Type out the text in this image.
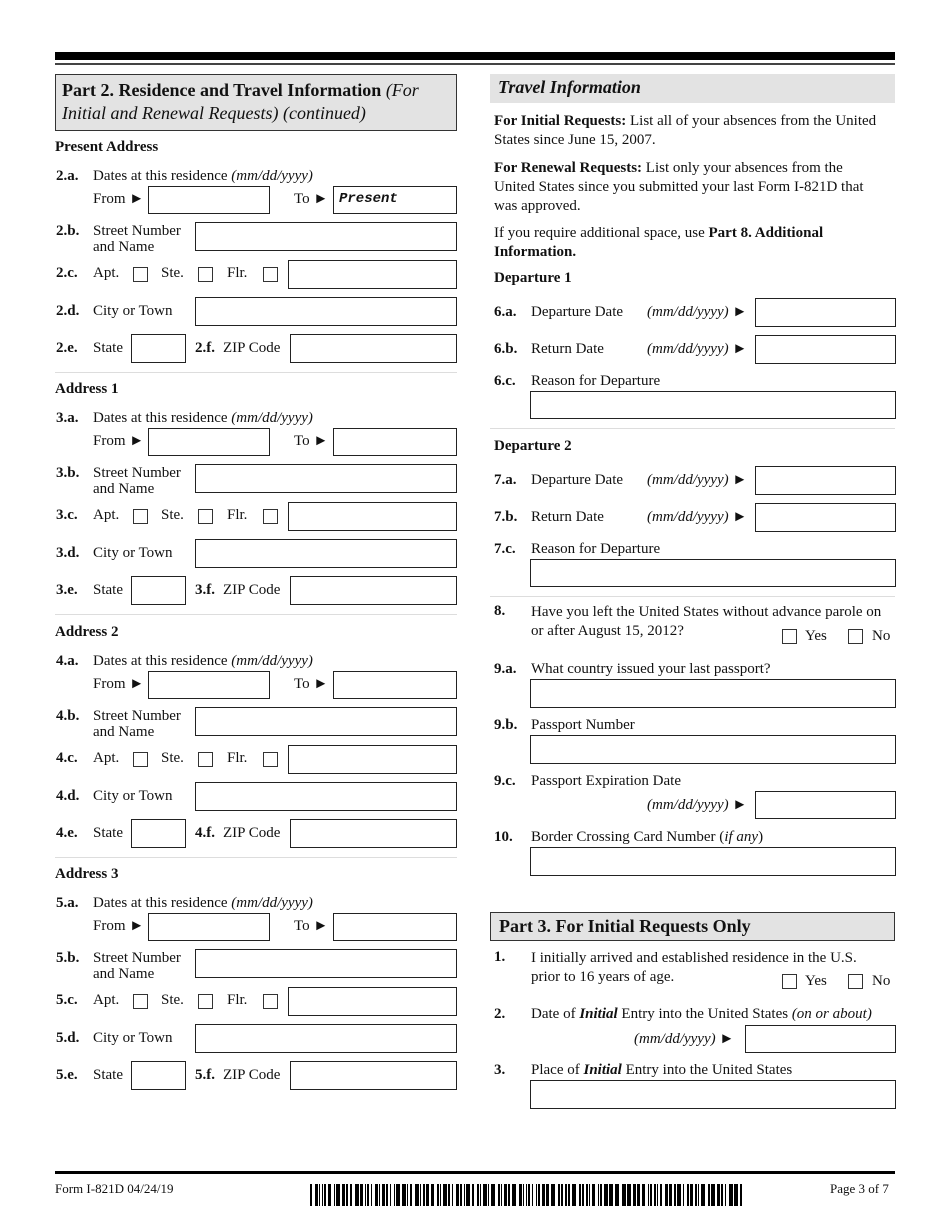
Part 2. Residence and Travel Information (For
Initial and Renewal Requests) (continued)
Present Address
2.a. Dates at this residence (mm/dd/yyyy)
From ►	To ► Present
2.b. Street Number
and Name
2.c. Apt.	Ste.	Flr.
2.d. City or Town
2.e. State	2.f. ZIP Code
Address 1
3.a. Dates at this residence (mm/dd/yyyy)
From ►	To ►
3.b. Street Number
and Name
3.c. Apt.	Ste.	Flr.
3.d. City or Town
3.e. State	3.f. ZIP Code
Address 2
4.a. Dates at this residence (mm/dd/yyyy)
From ►	To ►
4.b. Street Number
and Name
4.c. Apt.	Ste.	Flr.
4.d. City or Town
4.e. State	4.f. ZIP Code
Address 3
5.a. Dates at this residence (mm/dd/yyyy)
From ►	To ►
5.b. Street Number
and Name
5.c. Apt.	Ste.	Flr.
5.d. City or Town
5.e. State	5.f. ZIP Code
Travel Information
For Initial Requests: List all of your absences from the United
States since June 15, 2007.
For Renewal Requests: List only your absences from the
United States since you submitted your last Form I-821D that
was approved.
If you require additional space, use Part 8. Additional
Information.
Departure 1
6.a. Departure Date (mm/dd/yyyy) ►
6.b. Return Date	(mm/dd/yyyy) ►
6.c. Reason for Departure
Departure 2
7.a. Departure Date (mm/dd/yyyy) ►
7.b. Return Date	(mm/dd/yyyy) ►
7.c. Reason for Departure
8. Have you left the United States without advance parole on
or after August 15, 2012?	Yes	No
9.a. What country issued your last passport?
9.b. Passport Number
9.c. Passport Expiration Date
(mm/dd/yyyy) ►
10. Border Crossing Card Number (if any)
Part 3. For Initial Requests Only
1. I initially arrived and established residence in the U.S.
prior to 16 years of age.	Yes	No
2. Date of Initial Entry into the United States (on or about)
(mm/dd/yyyy) ►
3. Place of Initial Entry into the United States
Form I-821D 04/24/19	Page 3 of 7
